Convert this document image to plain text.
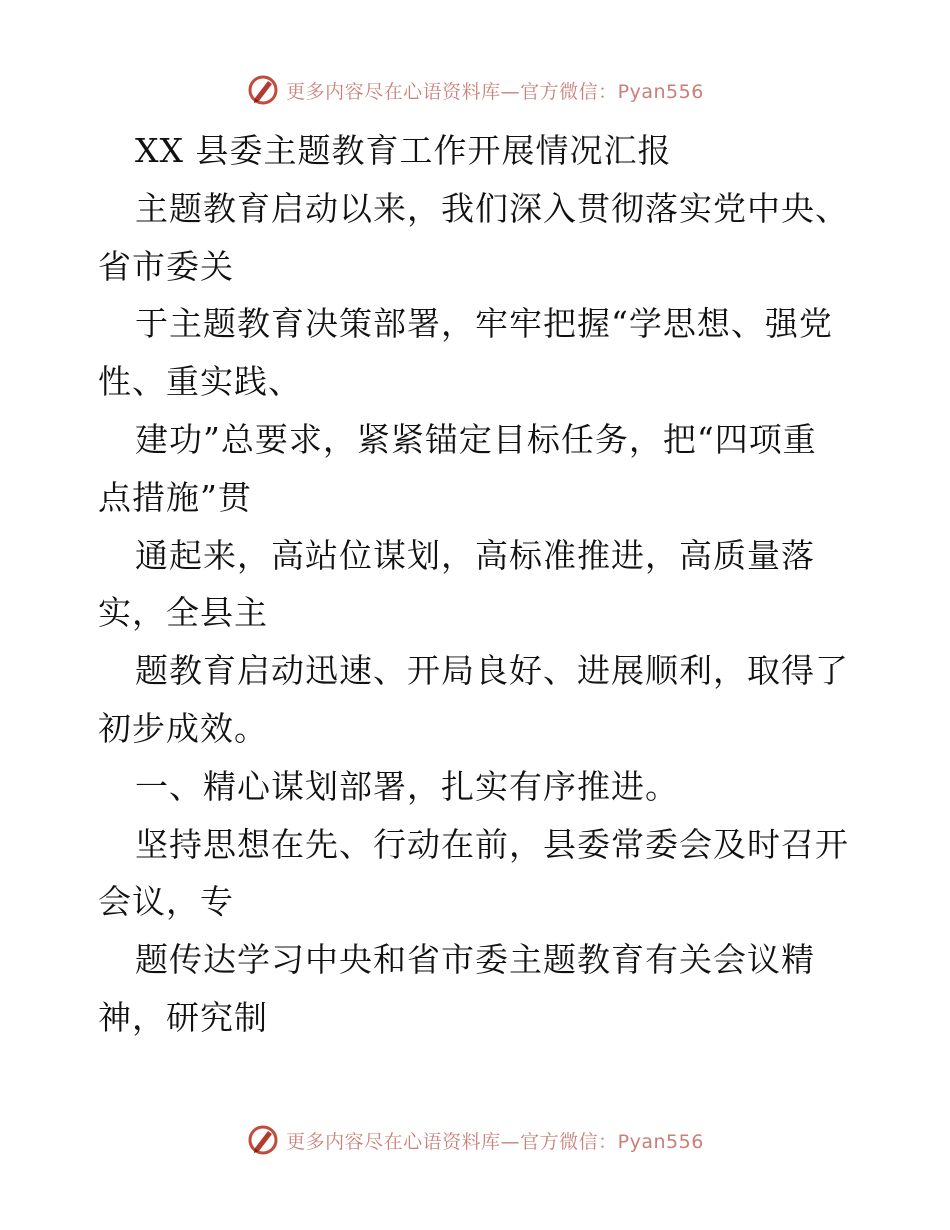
更多内容尽在心语资料库—官方微信：Pyan556
XX 县委主题教育工作开展情况汇报
主题教育启动以来，我们深入贯彻落实党中央、
省市委关
于主题教育决策部署，牢牢把握“学思想、强党
性、重实践、
建功”总要求，紧紧锚定目标任务，把“四项重
点措施”贯
通起来，高站位谋划，高标准推进，高质量落
实，全县主
题教育启动迅速、开局良好、进展顺利，取得了
初步成效。
一、精心谋划部署，扎实有序推进。
坚持思想在先、行动在前，县委常委会及时召开
会议，专
题传达学习中央和省市委主题教育有关会议精
神，研究制
更多内容尽在心语资料库—官方微信：Pyan556
